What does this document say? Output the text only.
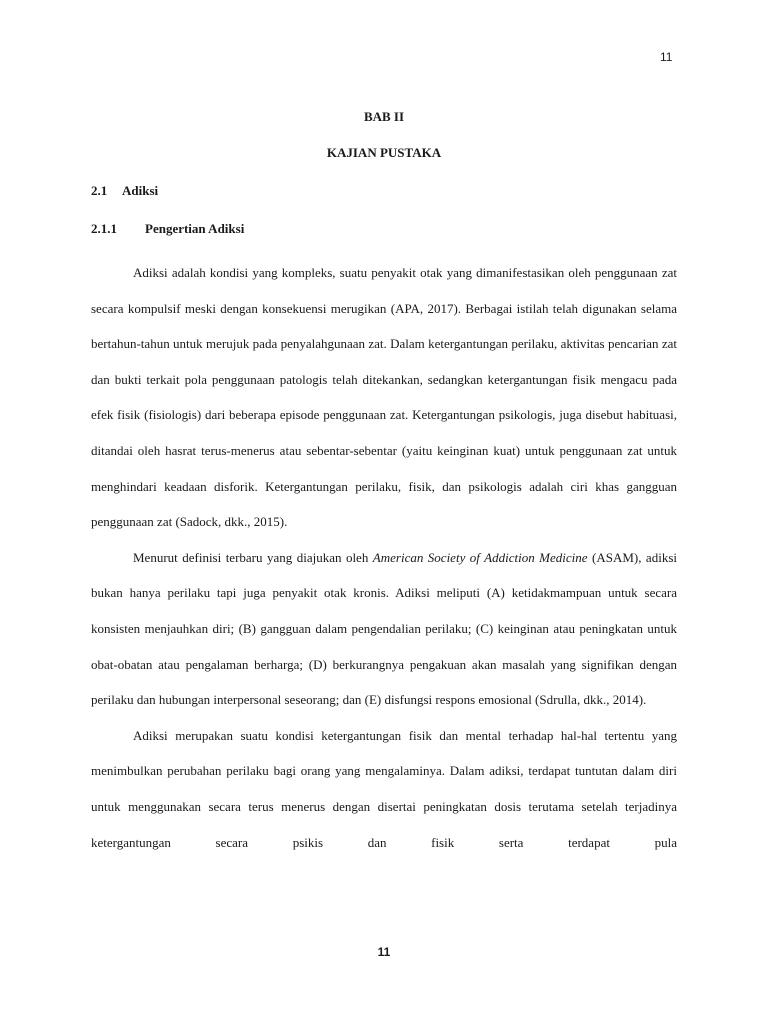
11
BAB II
KAJIAN PUSTAKA
2.1 Adiksi
2.1.1 Pengertian Adiksi

Adiksi adalah kondisi yang kompleks, suatu penyakit otak yang dimanifestasikan oleh penggunaan zat secara kompulsif meski dengan konsekuensi merugikan (APA, 2017). Berbagai istilah telah digunakan selama bertahun-tahun untuk merujuk pada penyalahgunaan zat. Dalam ketergantungan perilaku, aktivitas pencarian zat dan bukti terkait pola penggunaan patologis telah ditekankan, sedangkan ketergantungan fisik mengacu pada efek fisik (fisiologis) dari beberapa episode penggunaan zat. Ketergantungan psikologis, juga disebut habituasi, ditandai oleh hasrat terus-menerus atau sebentar-sebentar (yaitu keinginan kuat) untuk penggunaan zat untuk menghindari keadaan disforik. Ketergantungan perilaku, fisik, dan psikologis adalah ciri khas gangguan penggunaan zat (Sadock, dkk., 2015).

Menurut definisi terbaru yang diajukan oleh American Society of Addiction Medicine (ASAM), adiksi bukan hanya perilaku tapi juga penyakit otak kronis. Adiksi meliputi (A) ketidakmampuan untuk secara konsisten menjauhkan diri; (B) gangguan dalam pengendalian perilaku; (C) keinginan atau peningkatan untuk obat-obatan atau pengalaman berharga; (D) berkurangnya pengakuan akan masalah yang signifikan dengan perilaku dan hubungan interpersonal seseorang; dan (E) disfungsi respons emosional (Sdrulla, dkk., 2014).

Adiksi merupakan suatu kondisi ketergantungan fisik dan mental terhadap hal-hal tertentu yang menimbulkan perubahan perilaku bagi orang yang mengalaminya. Dalam adiksi, terdapat tuntutan dalam diri untuk menggunakan secara terus menerus dengan disertai peningkatan dosis terutama setelah terjadinya ketergantungan secara psikis dan fisik serta terdapat pula

11
